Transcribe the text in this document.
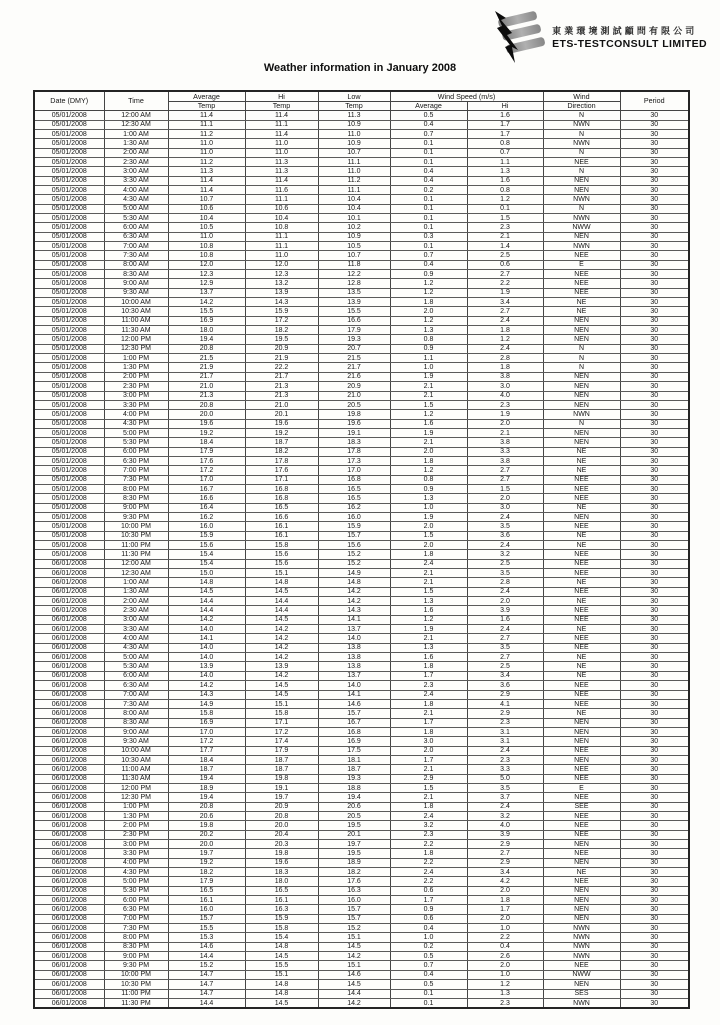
東業環境測試顧問有限公司
ETS-TESTCONSULT LIMITED
Weather information in January 2008
Date (DMY)	Time	Average	Hi	Low	Wind Speed (m/s)		Wind	Period
		Temp	Temp	Temp	Average	Hi	Direction	
05/01/2008	12:00 AM	11.4	11.4	11.3	0.5	1.6	N	30
05/01/2008	12:30 AM	11.1	11.1	10.9	0.4	1.7	NWN	30
05/01/2008	1:00 AM	11.2	11.4	11.0	0.7	1.7	N	30
05/01/2008	1:30 AM	11.0	11.0	10.9	0.1	0.8	NWN	30
05/01/2008	2:00 AM	11.0	11.0	10.7	0.1	0.7	N	30
05/01/2008	2:30 AM	11.2	11.3	11.1	0.1	1.1	NEE	30
05/01/2008	3:00 AM	11.3	11.3	11.0	0.4	1.3	N	30
05/01/2008	3:30 AM	11.4	11.4	11.2	0.4	1.6	NEN	30
05/01/2008	4:00 AM	11.4	11.6	11.1	0.2	0.8	NEN	30
05/01/2008	4:30 AM	10.7	11.1	10.4	0.1	1.2	NWN	30
05/01/2008	5:00 AM	10.6	10.6	10.4	0.1	0.1	N	30
05/01/2008	5:30 AM	10.4	10.4	10.1	0.1	1.5	NWN	30
05/01/2008	6:00 AM	10.5	10.8	10.2	0.1	2.3	NWW	30
05/01/2008	6:30 AM	11.0	11.1	10.9	0.3	2.1	NEN	30
05/01/2008	7:00 AM	10.8	11.1	10.5	0.1	1.4	NWN	30
05/01/2008	7:30 AM	10.8	11.0	10.7	0.7	2.5	NEE	30
05/01/2008	8:00 AM	12.0	12.0	11.8	0.4	0.6	E	30
05/01/2008	8:30 AM	12.3	12.3	12.2	0.9	2.7	NEE	30
05/01/2008	9:00 AM	12.9	13.2	12.8	1.2	2.2	NEE	30
05/01/2008	9:30 AM	13.7	13.9	13.5	1.2	1.9	NEE	30
05/01/2008	10:00 AM	14.2	14.3	13.9	1.8	3.4	NE	30
05/01/2008	10:30 AM	15.5	15.9	15.5	2.0	2.7	NE	30
05/01/2008	11:00 AM	16.9	17.2	16.6	1.2	2.4	NEN	30
05/01/2008	11:30 AM	18.0	18.2	17.9	1.3	1.8	NEN	30
05/01/2008	12:00 PM	19.4	19.5	19.3	0.8	1.2	NEN	30
05/01/2008	12:30 PM	20.8	20.9	20.7	0.9	2.4	N	30
05/01/2008	1:00 PM	21.5	21.9	21.5	1.1	2.8	N	30
05/01/2008	1:30 PM	21.9	22.2	21.7	1.0	1.8	N	30
05/01/2008	2:00 PM	21.7	21.7	21.6	1.9	3.8	NEN	30
05/01/2008	2:30 PM	21.0	21.3	20.9	2.1	3.0	NEN	30
05/01/2008	3:00 PM	21.3	21.3	21.0	2.1	4.0	NEN	30
05/01/2008	3:30 PM	20.8	21.0	20.5	1.5	2.3	NEN	30
05/01/2008	4:00 PM	20.0	20.1	19.8	1.2	1.9	NWN	30
05/01/2008	4:30 PM	19.6	19.6	19.6	1.6	2.0	N	30
05/01/2008	5:00 PM	19.2	19.2	19.1	1.9	2.1	NEN	30
05/01/2008	5:30 PM	18.4	18.7	18.3	2.1	3.8	NEN	30
05/01/2008	6:00 PM	17.9	18.2	17.8	2.0	3.3	NE	30
05/01/2008	6:30 PM	17.6	17.8	17.3	1.8	3.8	NE	30
05/01/2008	7:00 PM	17.2	17.6	17.0	1.2	2.7	NE	30
05/01/2008	7:30 PM	17.0	17.1	16.8	0.8	2.7	NEE	30
05/01/2008	8:00 PM	16.7	16.8	16.5	0.9	1.5	NEE	30
05/01/2008	8:30 PM	16.6	16.8	16.5	1.3	2.0	NEE	30
05/01/2008	9:00 PM	16.4	16.5	16.2	1.0	3.0	NE	30
05/01/2008	9:30 PM	16.2	16.6	16.0	1.9	2.4	NEN	30
05/01/2008	10:00 PM	16.0	16.1	15.9	2.0	3.5	NEE	30
05/01/2008	10:30 PM	15.9	16.1	15.7	1.5	3.6	NE	30
05/01/2008	11:00 PM	15.6	15.8	15.6	2.0	2.4	NE	30
05/01/2008	11:30 PM	15.4	15.6	15.2	1.8	3.2	NEE	30
06/01/2008	12:00 AM	15.4	15.6	15.2	2.4	2.5	NEE	30
06/01/2008	12:30 AM	15.0	15.1	14.9	2.1	3.5	NEE	30
06/01/2008	1:00 AM	14.8	14.8	14.8	2.1	2.8	NE	30
06/01/2008	1:30 AM	14.5	14.5	14.2	1.5	2.4	NEE	30
06/01/2008	2:00 AM	14.4	14.4	14.2	1.3	2.0	NE	30
06/01/2008	2:30 AM	14.4	14.4	14.3	1.6	3.9	NEE	30
06/01/2008	3:00 AM	14.2	14.5	14.1	1.2	1.6	NEE	30
06/01/2008	3:30 AM	14.0	14.2	13.7	1.9	2.4	NE	30
06/01/2008	4:00 AM	14.1	14.2	14.0	2.1	2.7	NEE	30
06/01/2008	4:30 AM	14.0	14.2	13.8	1.3	3.5	NEE	30
06/01/2008	5:00 AM	14.0	14.2	13.8	1.6	2.7	NE	30
06/01/2008	5:30 AM	13.9	13.9	13.8	1.8	2.5	NE	30
06/01/2008	6:00 AM	14.0	14.2	13.7	1.7	3.4	NE	30
06/01/2008	6:30 AM	14.2	14.5	14.0	2.3	3.6	NEE	30
06/01/2008	7:00 AM	14.3	14.5	14.1	2.4	2.9	NEE	30
06/01/2008	7:30 AM	14.9	15.1	14.6	1.8	4.1	NEE	30
06/01/2008	8:00 AM	15.8	15.8	15.7	2.1	2.9	NE	30
06/01/2008	8:30 AM	16.9	17.1	16.7	1.7	2.3	NEN	30
06/01/2008	9:00 AM	17.0	17.2	16.8	1.8	3.1	NEN	30
06/01/2008	9:30 AM	17.2	17.4	16.9	3.0	3.1	NEN	30
06/01/2008	10:00 AM	17.7	17.9	17.5	2.0	2.4	NEE	30
06/01/2008	10:30 AM	18.4	18.7	18.1	1.7	2.3	NEN	30
06/01/2008	11:00 AM	18.7	18.7	18.7	2.1	3.3	NEE	30
06/01/2008	11:30 AM	19.4	19.8	19.3	2.9	5.0	NEE	30
06/01/2008	12:00 PM	18.9	19.1	18.8	1.5	3.5	E	30
06/01/2008	12:30 PM	19.4	19.7	19.4	2.1	3.7	NEE	30
06/01/2008	1:00 PM	20.8	20.9	20.6	1.8	2.4	SEE	30
06/01/2008	1:30 PM	20.6	20.8	20.5	2.4	3.2	NEE	30
06/01/2008	2:00 PM	19.8	20.0	19.5	3.2	4.0	NEE	30
06/01/2008	2:30 PM	20.2	20.4	20.1	2.3	3.9	NEE	30
06/01/2008	3:00 PM	20.0	20.3	19.7	2.2	2.9	NEN	30
06/01/2008	3:30 PM	19.7	19.8	19.5	1.8	2.7	NEE	30
06/01/2008	4:00 PM	19.2	19.6	18.9	2.2	2.9	NEN	30
06/01/2008	4:30 PM	18.2	18.3	18.2	2.4	3.4	NE	30
06/01/2008	5:00 PM	17.9	18.0	17.6	2.2	4.2	NEE	30
06/01/2008	5:30 PM	16.5	16.5	16.3	0.6	2.0	NEN	30
06/01/2008	6:00 PM	16.1	16.1	16.0	1.7	1.8	NEN	30
06/01/2008	6:30 PM	16.0	16.3	15.7	0.9	1.7	NEN	30
06/01/2008	7:00 PM	15.7	15.9	15.7	0.6	2.0	NEN	30
06/01/2008	7:30 PM	15.5	15.8	15.2	0.4	1.0	NWN	30
06/01/2008	8:00 PM	15.3	15.4	15.1	1.0	2.2	NWN	30
06/01/2008	8:30 PM	14.6	14.8	14.5	0.2	0.4	NWN	30
06/01/2008	9:00 PM	14.4	14.5	14.2	0.5	2.6	NWN	30
06/01/2008	9:30 PM	15.2	15.5	15.1	0.7	2.0	NEE	30
06/01/2008	10:00 PM	14.7	15.1	14.6	0.4	1.0	NWW	30
06/01/2008	10:30 PM	14.7	14.8	14.5	0.5	1.2	NEN	30
06/01/2008	11:00 PM	14.7	14.8	14.4	0.1	1.3	SES	30
06/01/2008	11:30 PM	14.4	14.5	14.2	0.1	2.3	NWN	30
